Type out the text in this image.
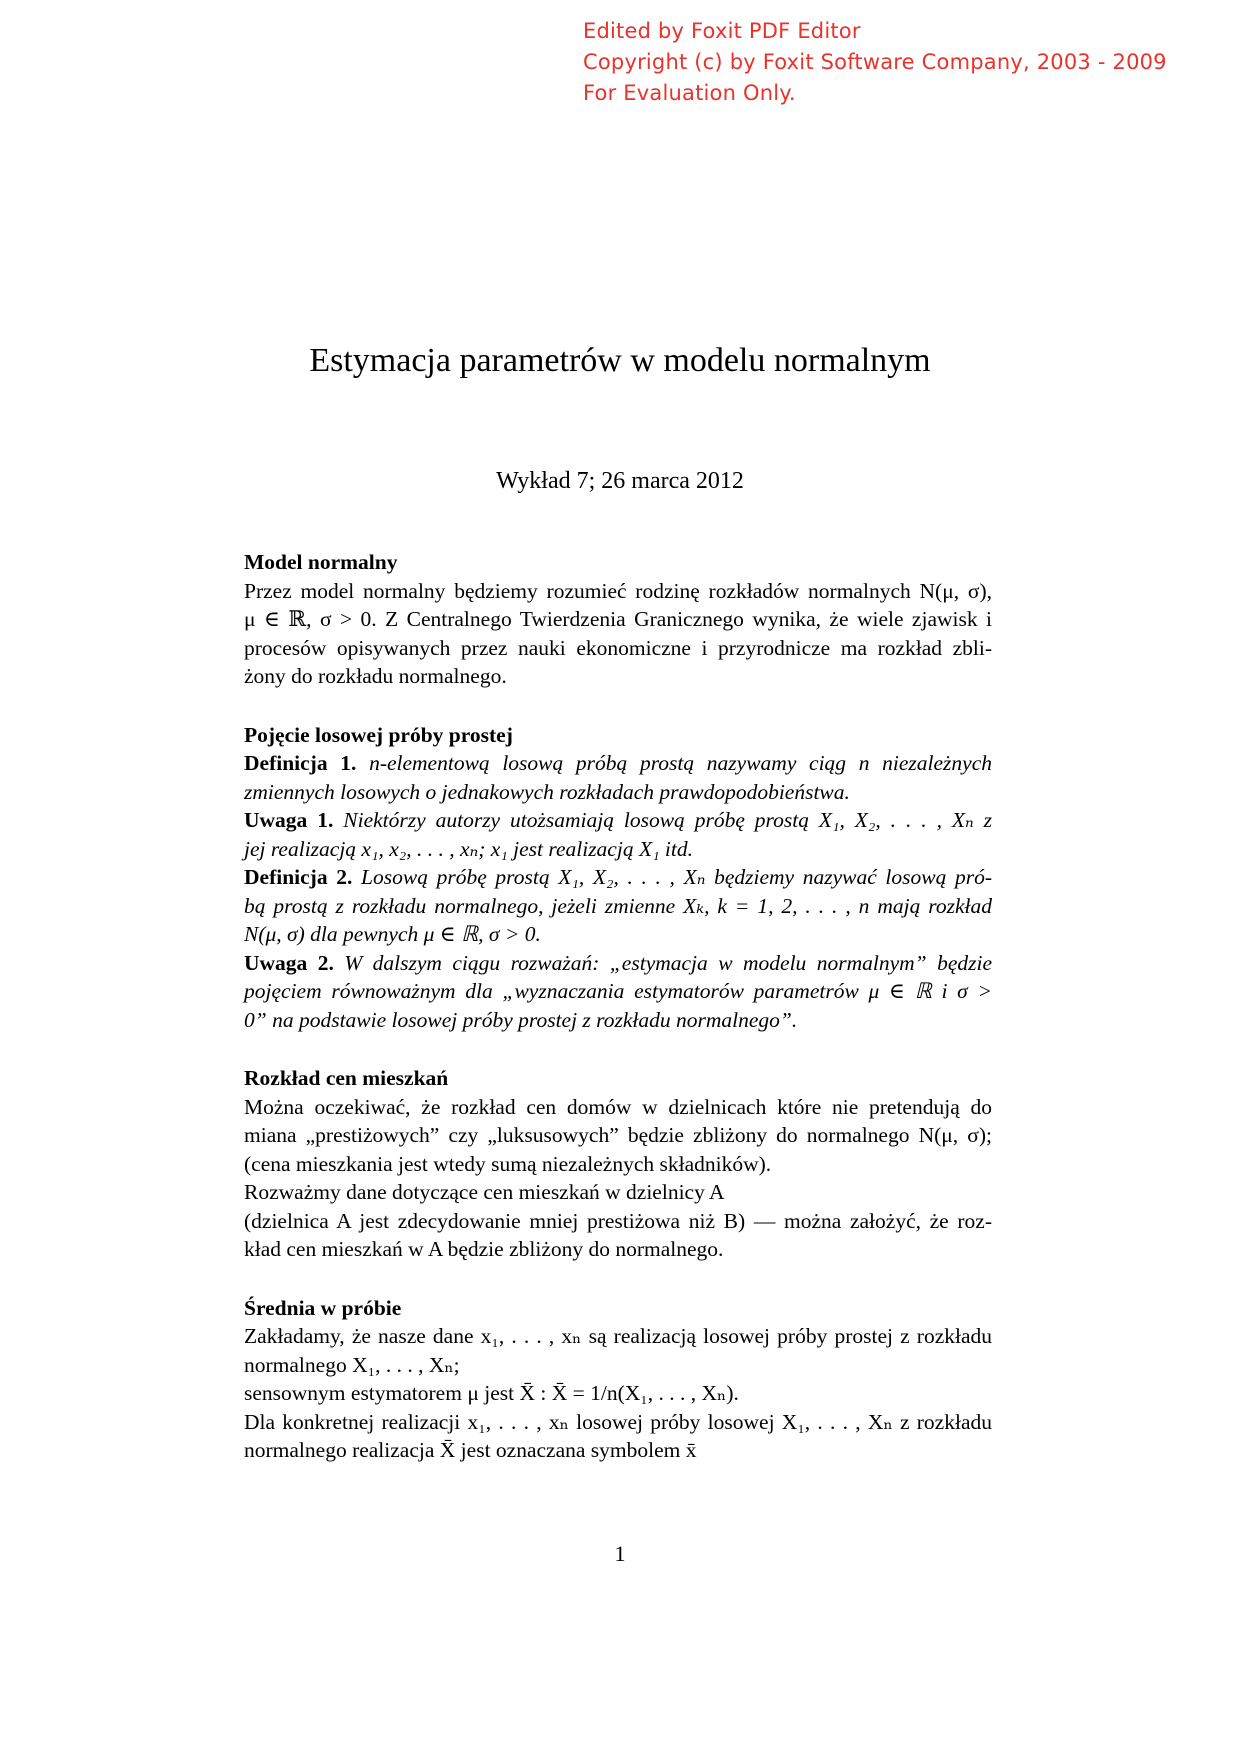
Edited by Foxit PDF Editor
Copyright (c) by Foxit Software Company, 2003 - 2009
For Evaluation Only.
Estymacja parametrów w modelu normalnym
Wykład 7; 26 marca 2012
Model normalny

Przez model normalny będziemy rozumieć rodzinę rozkładów normalnych N(μ, σ),
μ ∈ ℝ, σ > 0. Z Centralnego Twierdzenia Granicznego wynika, że wiele zjawisk i
procesów opisywanych przez nauki ekonomiczne i przyrodnicze ma rozkład zbli-
żony do rozkładu normalnego.

Pojęcie losowej próby prostej

Definicja 1. n-elementową losową próbą prostą nazywamy ciąg n niezależnych
zmiennych losowych o jednakowych rozkładach prawdopodobieństwa.

Uwaga 1. Niektórzy autorzy utożsamiają losową próbę prostą X₁, X₂, . . . , Xₙ z
jej realizacją x₁, x₂, . . . , xₙ; x₁ jest realizacją X₁ itd.

Definicja 2. Losową próbę prostą X₁, X₂, . . . , Xₙ będziemy nazywać losową pró-
bą prostą z rozkładu normalnego, jeżeli zmienne Xₖ, k = 1, 2, . . . , n mają rozkład
N(μ, σ) dla pewnych μ ∈ ℝ, σ > 0.

Uwaga 2. W dalszym ciągu rozważań: „estymacja w modelu normalnym” będzie
pojęciem równoważnym dla „wyznaczania estymatorów parametrów μ ∈ ℝ i σ >
0” na podstawie losowej próby prostej z rozkładu normalnego”.

Rozkład cen mieszkań

Można oczekiwać, że rozkład cen domów w dzielnicach które nie pretendują do
miana „prestiżowych” czy „luksusowych” będzie zbliżony do normalnego N(μ, σ);
(cena mieszkania jest wtedy sumą niezależnych składników).
Rozważmy dane dotyczące cen mieszkań w dzielnicy A
(dzielnica A jest zdecydowanie mniej prestiżowa niż B) — można założyć, że roz-
kład cen mieszkań w A będzie zbliżony do normalnego.

Średnia w próbie

Zakładamy, że nasze dane x₁, . . . , xₙ są realizacją losowej próby prostej z rozkładu
normalnego X₁, . . . , Xₙ;
sensownym estymatorem μ jest X̄ : X̄ = 1/n(X₁, . . . , Xₙ).
Dla konkretnej realizacji x₁, . . . , xₙ losowej próby losowej X₁, . . . , Xₙ z rozkładu
normalnego realizacja X̄ jest oznaczana symbolem x̄

1
